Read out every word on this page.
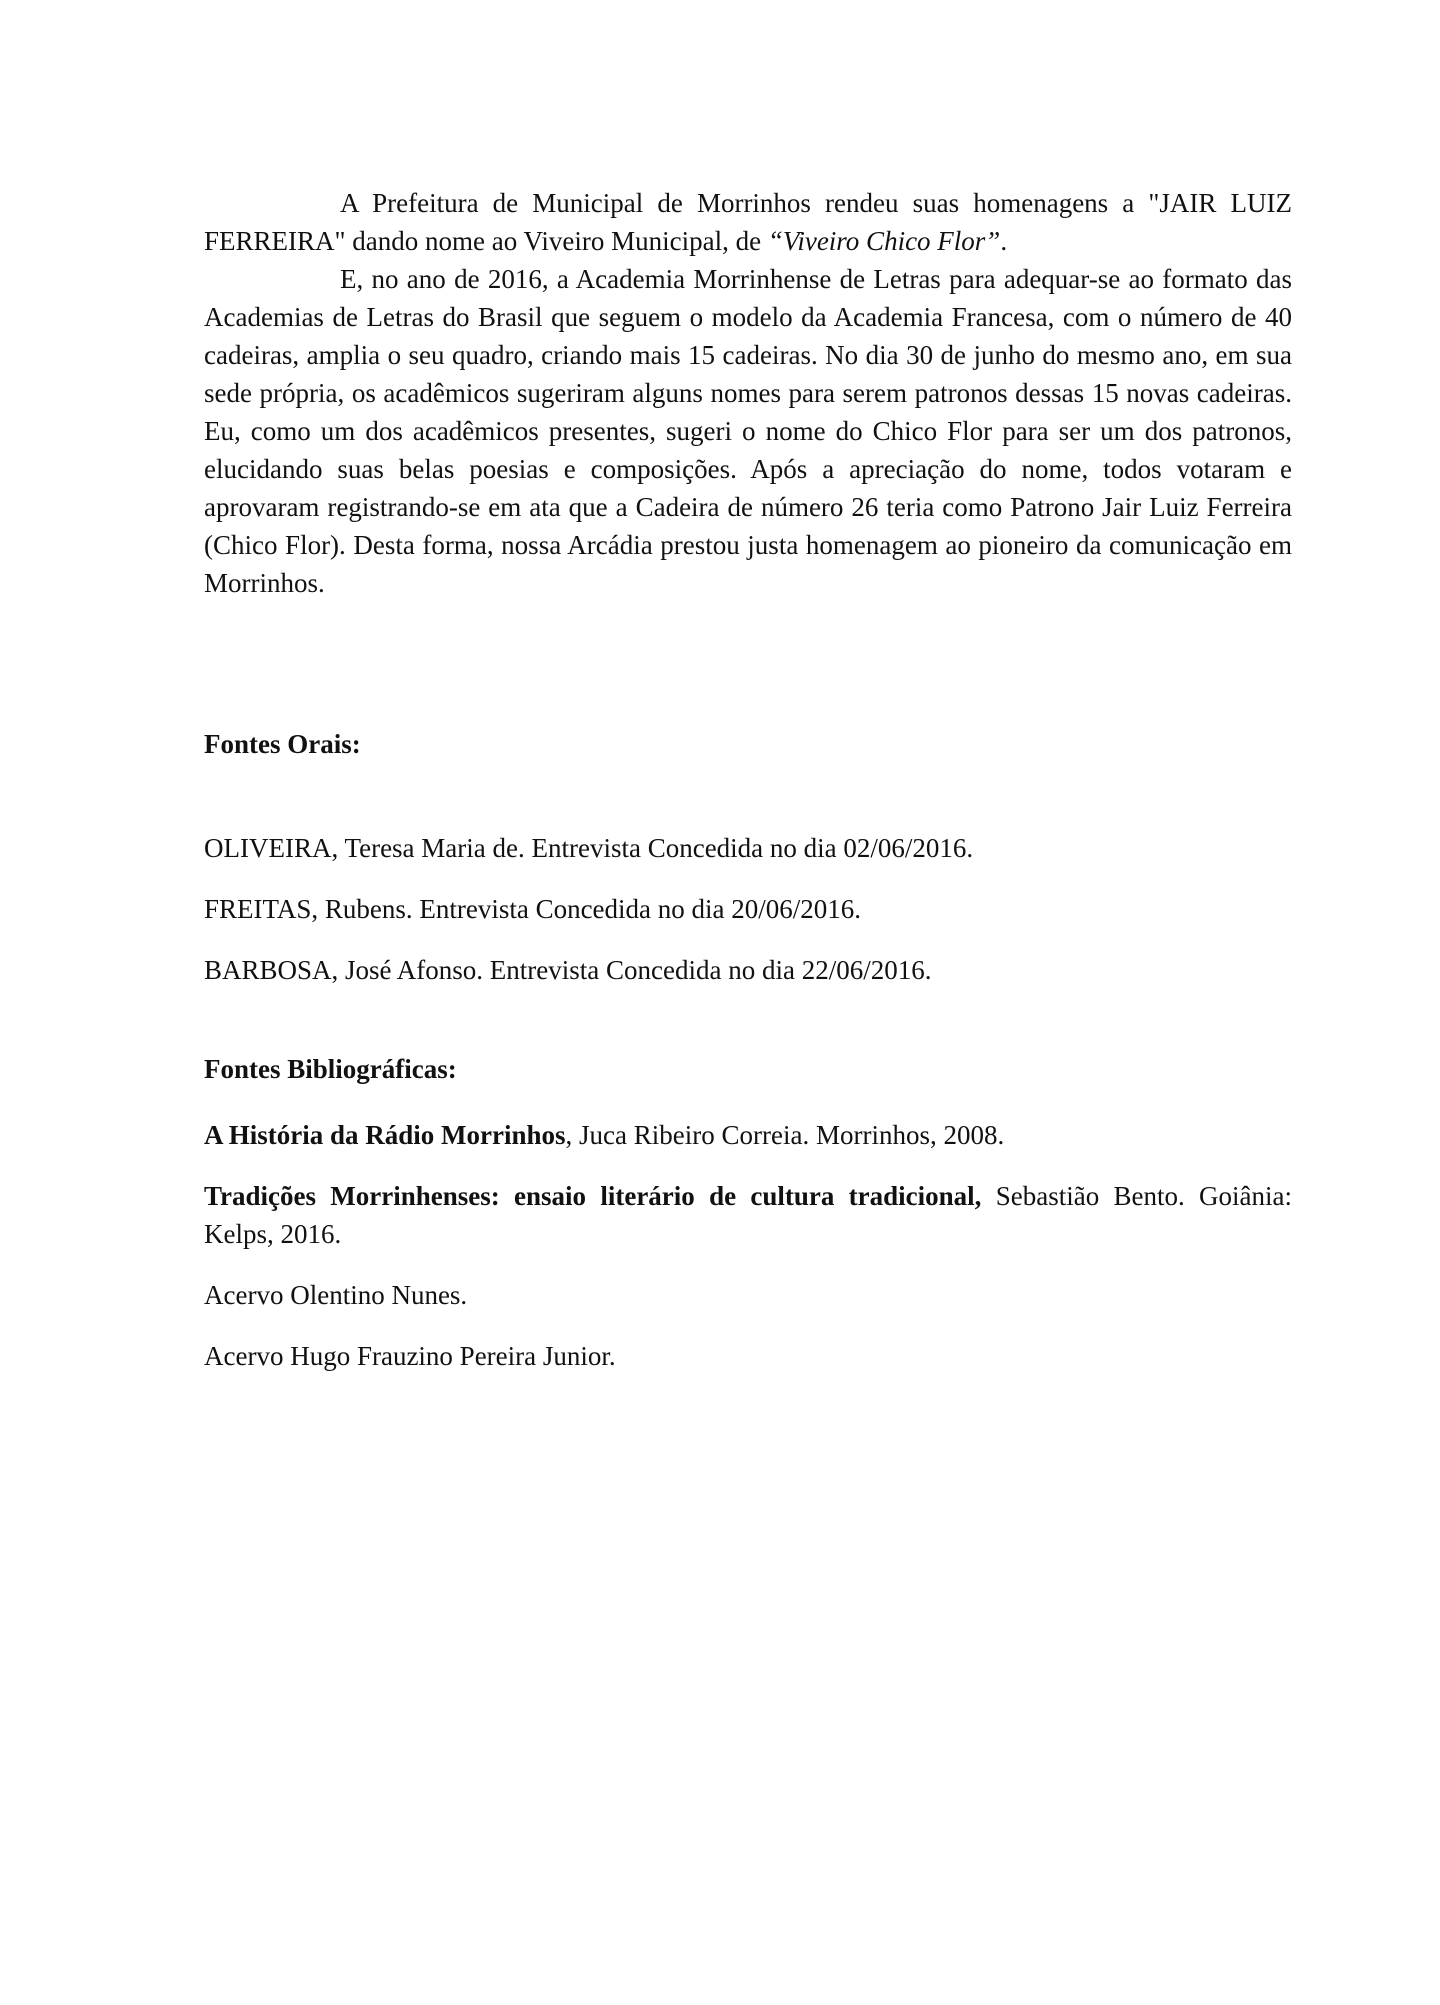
A Prefeitura de Municipal de Morrinhos rendeu suas homenagens a "JAIR LUIZ FERREIRA" dando nome ao Viveiro Municipal, de “Viveiro Chico Flor”.

E, no ano de 2016, a Academia Morrinhense de Letras para adequar-se ao formato das Academias de Letras do Brasil que seguem o modelo da Academia Francesa, com o número de 40 cadeiras, amplia o seu quadro, criando mais 15 cadeiras. No dia 30 de junho do mesmo ano, em sua sede própria, os acadêmicos sugeriram alguns nomes para serem patronos dessas 15 novas cadeiras. Eu, como um dos acadêmicos presentes, sugeri o nome do Chico Flor para ser um dos patronos, elucidando suas belas poesias e composições. Após a apreciação do nome, todos votaram e aprovaram registrando-se em ata que a Cadeira de número 26 teria como Patrono Jair Luiz Ferreira (Chico Flor). Desta forma, nossa Arcádia prestou justa homenagem ao pioneiro da comunicação em Morrinhos.

Fontes Orais:

OLIVEIRA, Teresa Maria de. Entrevista Concedida no dia 02/06/2016.

FREITAS, Rubens. Entrevista Concedida no dia 20/06/2016.

BARBOSA, José Afonso. Entrevista Concedida no dia 22/06/2016.

Fontes Bibliográficas:

A História da Rádio Morrinhos, Juca Ribeiro Correia. Morrinhos, 2008.

Tradições Morrinhenses: ensaio literário de cultura tradicional, Sebastião Bento. Goiânia: Kelps, 2016.

Acervo Olentino Nunes.

Acervo Hugo Frauzino Pereira Junior.
